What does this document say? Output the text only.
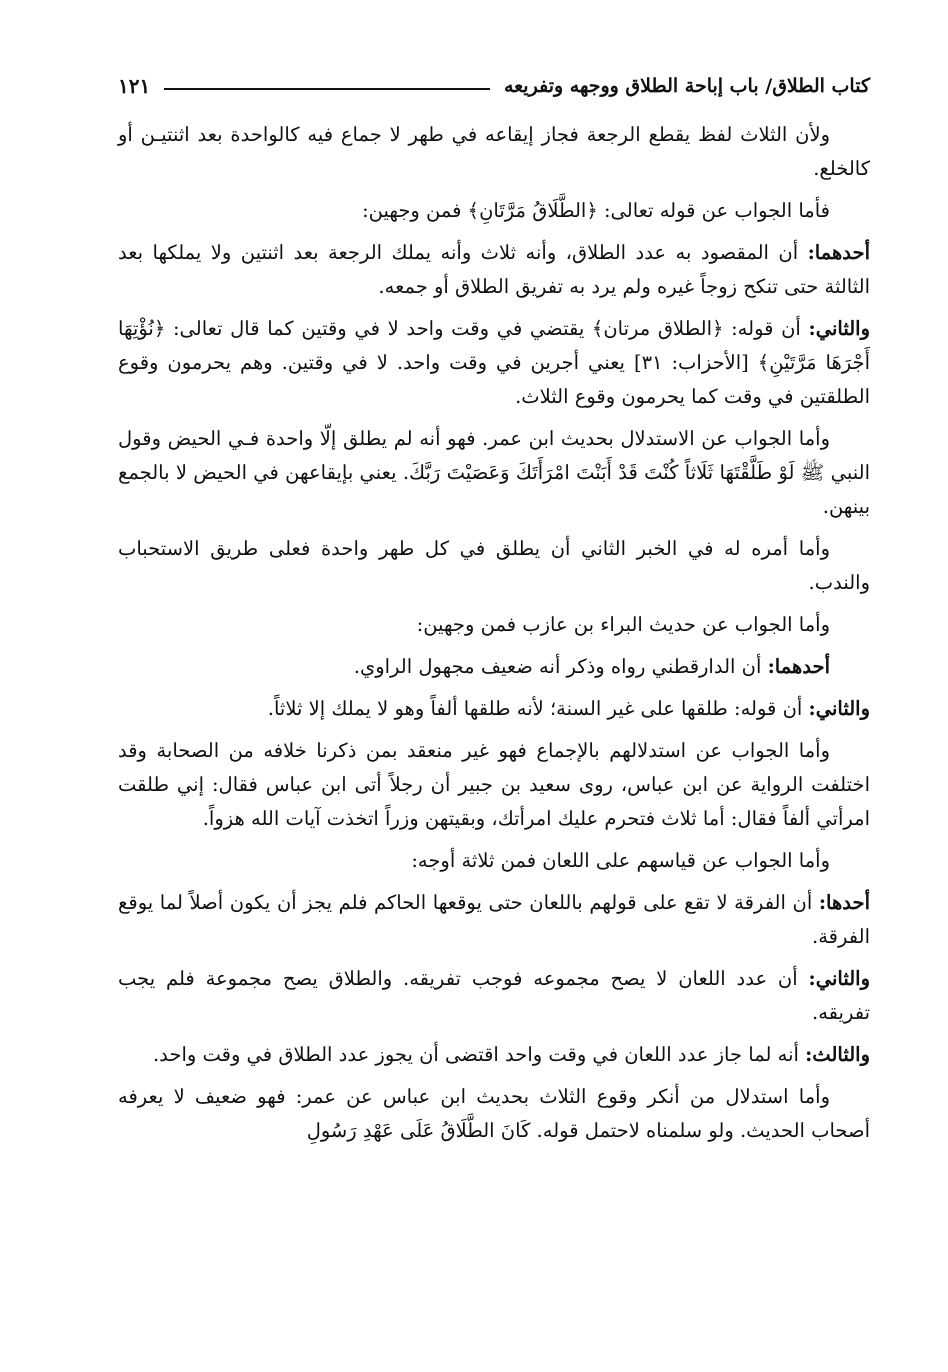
كتاب الطلاق/ باب إباحة الطلاق ووجهه وتفريعه
١٢١

ولأن الثلاث لفظ يقطع الرجعة فجاز إيقاعه في طهر لا جماع فيه كالواحدة بعد اثنتيـن أو كالخلع.

فأما الجواب عن قوله تعالى: ﴿الطَّلَاقُ مَرَّتَانِ﴾ فمن وجهين:

أحدهما: أن المقصود به عدد الطلاق، وأنه ثلاث وأنه يملك الرجعة بعد اثنتين ولا يملكها بعد الثالثة حتى تنكح زوجاً غيره ولم يرد به تفريق الطلاق أو جمعه.

والثاني: أن قوله: ﴿الطلاق مرتان﴾ يقتضي في وقت واحد لا في وقتين كما قال تعالى: ﴿نُؤْتِهَا أَجْرَهَا مَرَّتَيْنِ﴾ [الأحزاب: ٣١] يعني أجرين في وقت واحد. لا في وقتين. وهم يحرمون وقوع الطلقتين في وقت كما يحرمون وقوع الثلاث.

وأما الجواب عن الاستدلال بحديث ابن عمر. فهو أنه لم يطلق إلّا واحدة فـي الحيض وقول النبي ﷺ لَوْ طَلَّقْتَهَا ثَلَاثاً كُنْتَ قَدْ أَبَنْتَ امْرَأَتَكَ وَعَصَيْتَ رَبَّكَ. يعني بإيقاعهن في الحيض لا بالجمع بينهن.

وأما أمره له في الخبر الثاني أن يطلق في كل طهر واحدة فعلى طريق الاستحباب والندب.

وأما الجواب عن حديث البراء بن عازب فمن وجهين:

أحدهما: أن الدارقطني رواه وذكر أنه ضعيف مجهول الراوي.

والثاني: أن قوله: طلقها على غير السنة؛ لأنه طلقها ألفاً وهو لا يملك إلا ثلاثاً.

وأما الجواب عن استدلالهم بالإجماع فهو غير منعقد بمن ذكرنا خلافه من الصحابة وقد اختلفت الرواية عن ابن عباس، روى سعيد بن جبير أن رجلاً أتى ابن عباس فقال: إني طلقت امرأتي ألفاً فقال: أما ثلاث فتحرم عليك امرأتك، وبقيتهن وزراً اتخذت آيات الله هزواً.

وأما الجواب عن قياسهم على اللعان فمن ثلاثة أوجه:

أحدها: أن الفرقة لا تقع على قولهم باللعان حتى يوقعها الحاكم فلم يجز أن يكون أصلاً لما يوقع الفرقة.

والثاني: أن عدد اللعان لا يصح مجموعه فوجب تفريقه. والطلاق يصح مجموعة فلم يجب تفريقه.

والثالث: أنه لما جاز عدد اللعان في وقت واحد اقتضى أن يجوز عدد الطلاق في وقت واحد.

وأما استدلال من أنكر وقوع الثلاث بحديث ابن عباس عن عمر: فهو ضعيف لا يعرفه أصحاب الحديث. ولو سلمناه لاحتمل قوله. كَانَ الطَّلَاقُ عَلَى عَهْدِ رَسُولِ
